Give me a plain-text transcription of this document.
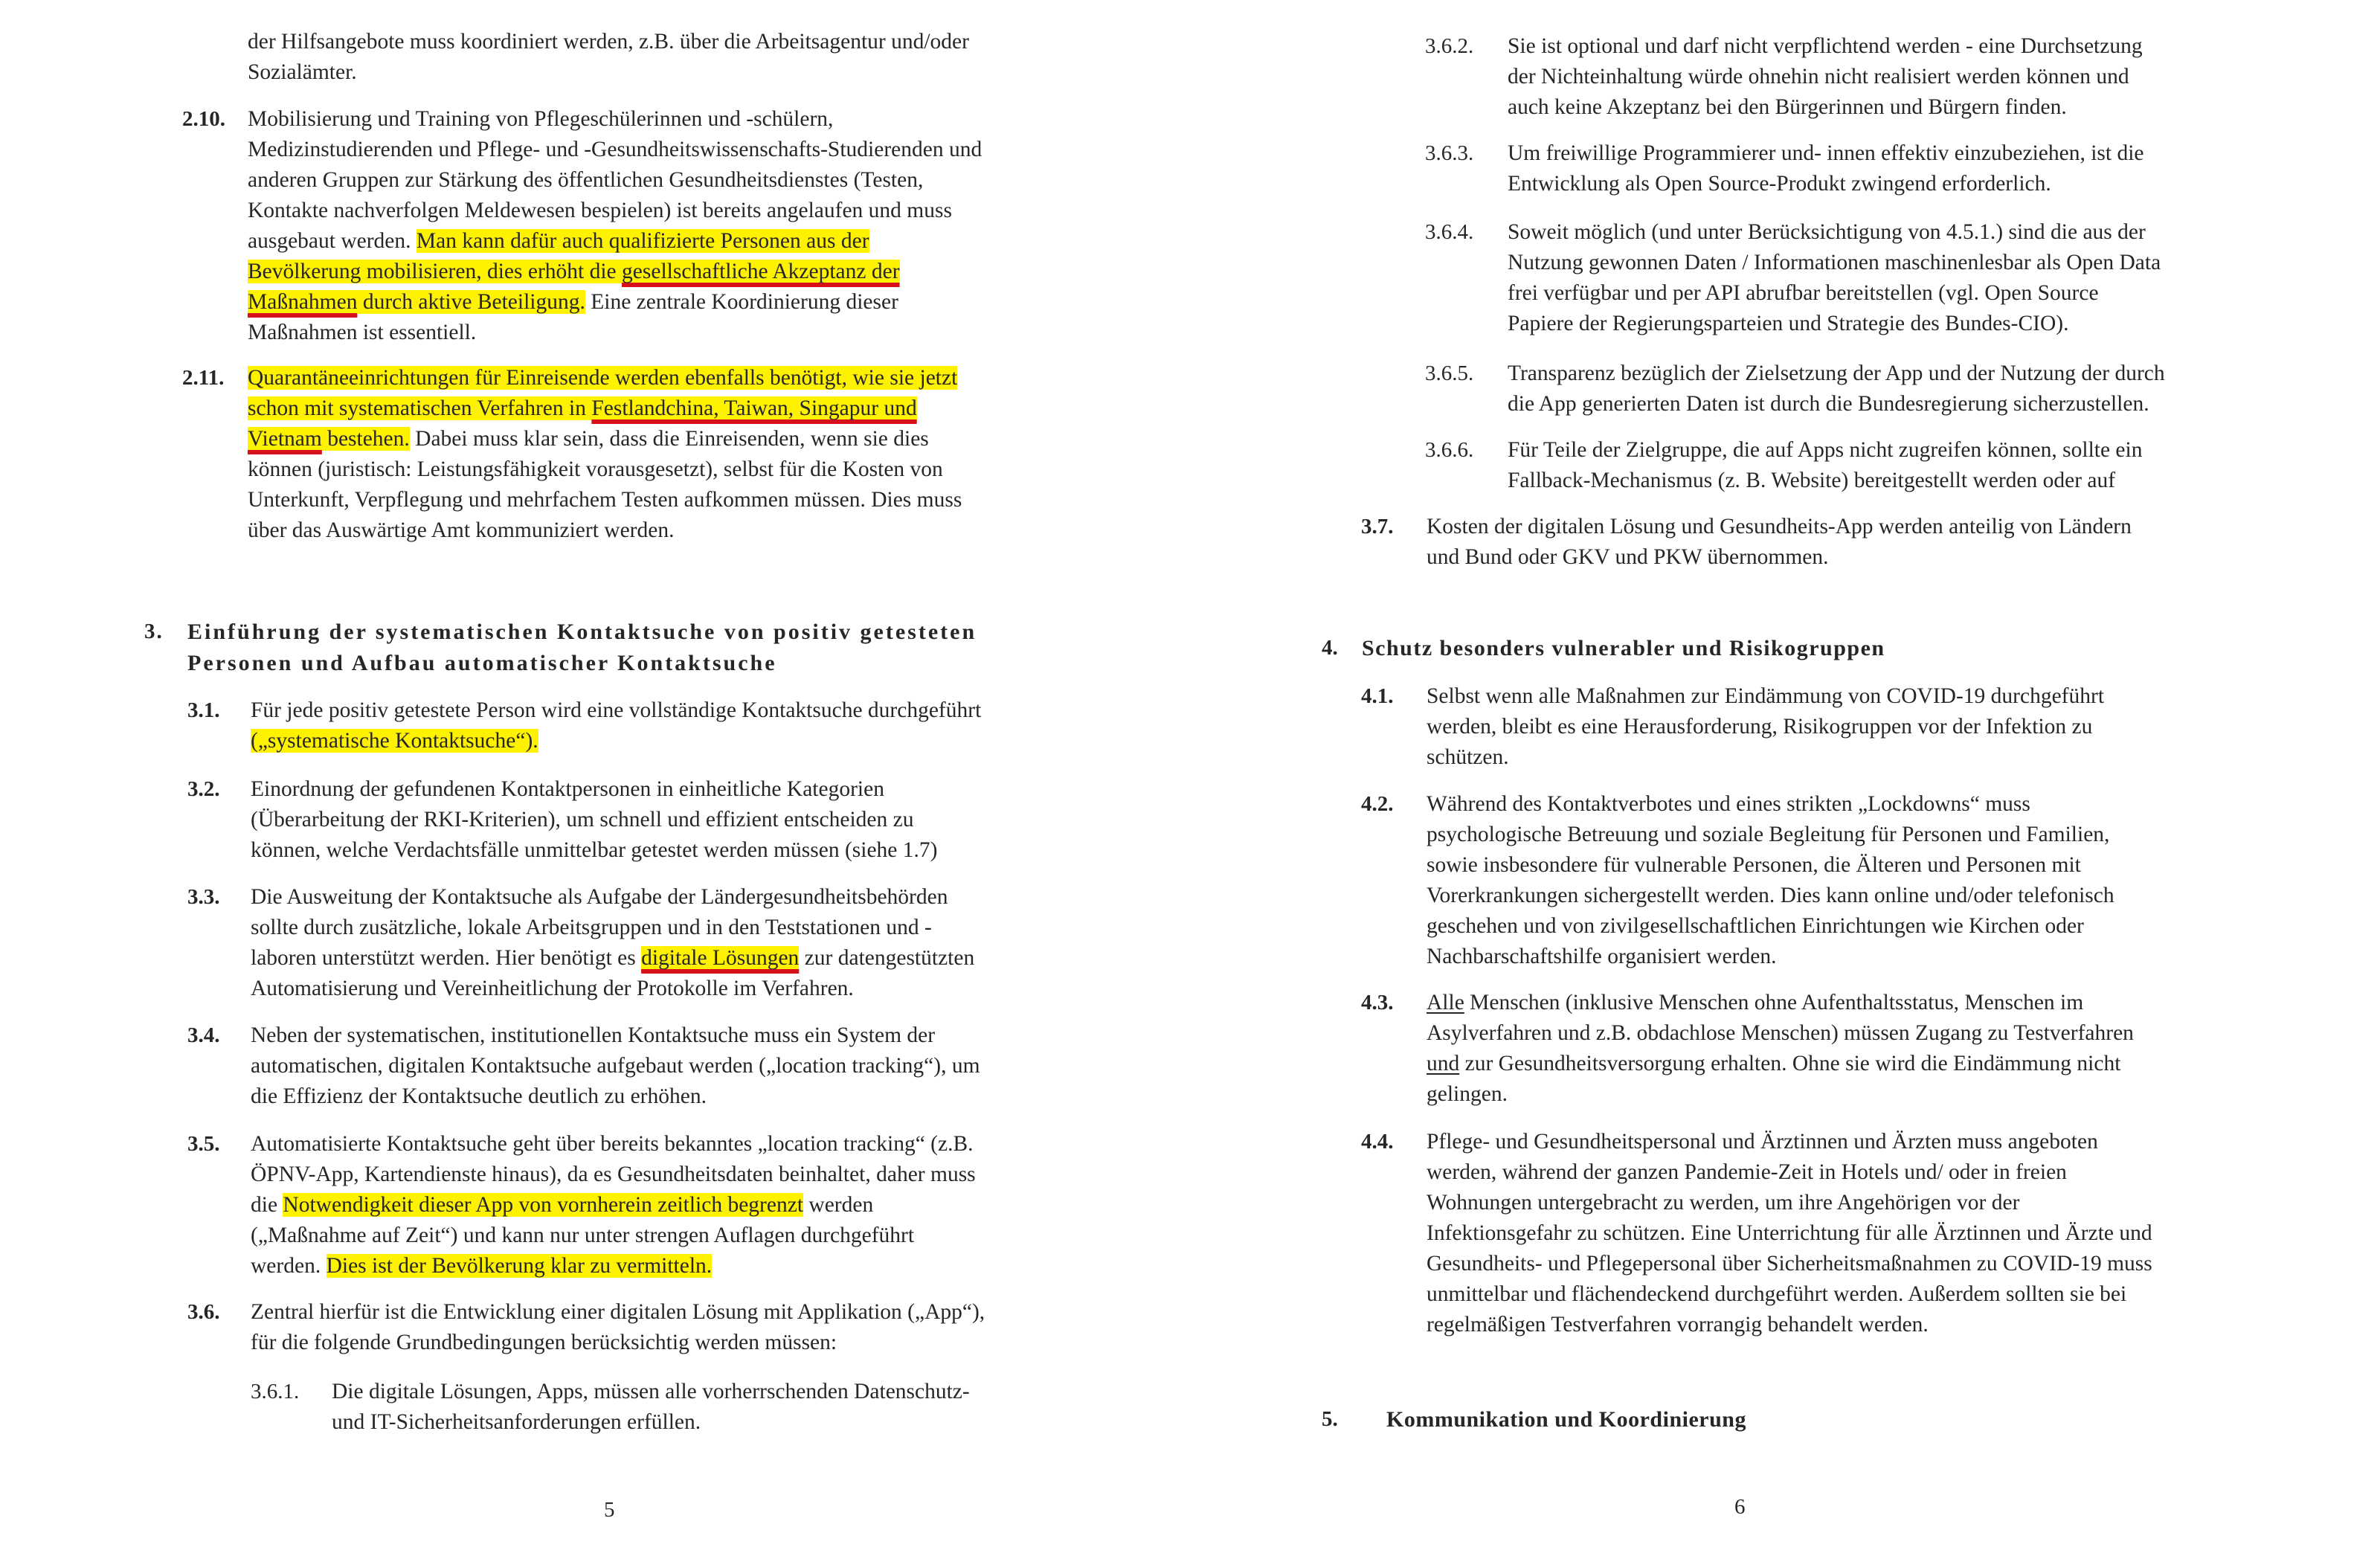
der Hilfsangebote muss koordiniert werden, z.B. über die Arbeitsagentur und/oder
Sozialämter.
2.10. Mobilisierung und Training von Pflegeschülerinnen und -schülern,
Medizinstudierenden und Pflege- und -Gesundheitswissenschafts-Studierenden und
anderen Gruppen zur Stärkung des öffentlichen Gesundheitsdienstes (Testen,
Kontakte nachverfolgen Meldewesen bespielen) ist bereits angelaufen und muss
ausgebaut werden. Man kann dafür auch qualifizierte Personen aus der
Bevölkerung mobilisieren, dies erhöht die gesellschaftliche Akzeptanz der
Maßnahmen durch aktive Beteiligung. Eine zentrale Koordinierung dieser
Maßnahmen ist essentiell.
2.11. Quarantäneeinrichtungen für Einreisende werden ebenfalls benötigt, wie sie jetzt
schon mit systematischen Verfahren in Festlandchina, Taiwan, Singapur und
Vietnam bestehen. Dabei muss klar sein, dass die Einreisenden, wenn sie dies
können (juristisch: Leistungsfähigkeit vorausgesetzt), selbst für die Kosten von
Unterkunft, Verpflegung und mehrfachem Testen aufkommen müssen. Dies muss
über das Auswärtige Amt kommuniziert werden.
3. Einführung der systematischen Kontaktsuche von positiv getesteten
Personen und Aufbau automatischer Kontaktsuche
3.1. Für jede positiv getestete Person wird eine vollständige Kontaktsuche durchgeführt
(„systematische Kontaktsuche“).
3.2. Einordnung der gefundenen Kontaktpersonen in einheitliche Kategorien
(Überarbeitung der RKI-Kriterien), um schnell und effizient entscheiden zu
können, welche Verdachtsfälle unmittelbar getestet werden müssen (siehe 1.7)
3.3. Die Ausweitung der Kontaktsuche als Aufgabe der Ländergesundheitsbehörden
sollte durch zusätzliche, lokale Arbeitsgruppen und in den Teststationen und -
laboren unterstützt werden. Hier benötigt es digitale Lösungen zur datengestützten
Automatisierung und Vereinheitlichung der Protokolle im Verfahren.
3.4. Neben der systematischen, institutionellen Kontaktsuche muss ein System der
automatischen, digitalen Kontaktsuche aufgebaut werden („location tracking“), um
die Effizienz der Kontaktsuche deutlich zu erhöhen.
3.5. Automatisierte Kontaktsuche geht über bereits bekanntes „location tracking“ (z.B.
ÖPNV-App, Kartendienste hinaus), da es Gesundheitsdaten beinhaltet, daher muss
die Notwendigkeit dieser App von vornherein zeitlich begrenzt werden
(„Maßnahme auf Zeit“) und kann nur unter strengen Auflagen durchgeführt
werden. Dies ist der Bevölkerung klar zu vermitteln.
3.6. Zentral hierfür ist die Entwicklung einer digitalen Lösung mit Applikation („App“),
für die folgende Grundbedingungen berücksichtig werden müssen:
3.6.1. Die digitale Lösungen, Apps, müssen alle vorherrschenden Datenschutz-
und IT-Sicherheitsanforderungen erfüllen.
5
3.6.2. Sie ist optional und darf nicht verpflichtend werden - eine Durchsetzung
der Nichteinhaltung würde ohnehin nicht realisiert werden können und
auch keine Akzeptanz bei den Bürgerinnen und Bürgern finden.
3.6.3. Um freiwillige Programmierer und- innen effektiv einzubeziehen, ist die
Entwicklung als Open Source-Produkt zwingend erforderlich.
3.6.4. Soweit möglich (und unter Berücksichtigung von 4.5.1.) sind die aus der
Nutzung gewonnen Daten / Informationen maschinenlesbar als Open Data
frei verfügbar und per API abrufbar bereitstellen (vgl. Open Source
Papiere der Regierungsparteien und Strategie des Bundes-CIO).
3.6.5. Transparenz bezüglich der Zielsetzung der App und der Nutzung der durch
die App generierten Daten ist durch die Bundesregierung sicherzustellen.
3.6.6. Für Teile der Zielgruppe, die auf Apps nicht zugreifen können, sollte ein
Fallback-Mechanismus (z. B. Website) bereitgestellt werden oder auf
3.7. Kosten der digitalen Lösung und Gesundheits-App werden anteilig von Ländern
und Bund oder GKV und PKW übernommen.
4. Schutz besonders vulnerabler und Risikogruppen
4.1. Selbst wenn alle Maßnahmen zur Eindämmung von COVID-19 durchgeführt
werden, bleibt es eine Herausforderung, Risikogruppen vor der Infektion zu
schützen.
4.2. Während des Kontaktverbotes und eines strikten „Lockdowns“ muss
psychologische Betreuung und soziale Begleitung für Personen und Familien,
sowie insbesondere für vulnerable Personen, die Älteren und Personen mit
Vorerkrankungen sichergestellt werden. Dies kann online und/oder telefonisch
geschehen und von zivilgesellschaftlichen Einrichtungen wie Kirchen oder
Nachbarschaftshilfe organisiert werden.
4.3. Alle Menschen (inklusive Menschen ohne Aufenthaltsstatus, Menschen im
Asylverfahren und z.B. obdachlose Menschen) müssen Zugang zu Testverfahren
und zur Gesundheitsversorgung erhalten. Ohne sie wird die Eindämmung nicht
gelingen.
4.4. Pflege- und Gesundheitspersonal und Ärztinnen und Ärzten muss angeboten
werden, während der ganzen Pandemie-Zeit in Hotels und/ oder in freien
Wohnungen untergebracht zu werden, um ihre Angehörigen vor der
Infektionsgefahr zu schützen. Eine Unterrichtung für alle Ärztinnen und Ärzte und
Gesundheits- und Pflegepersonal über Sicherheitsmaßnahmen zu COVID-19 muss
unmittelbar und flächendeckend durchgeführt werden. Außerdem sollten sie bei
regelmäßigen Testverfahren vorrangig behandelt werden.
5. Kommunikation und Koordinierung
6
